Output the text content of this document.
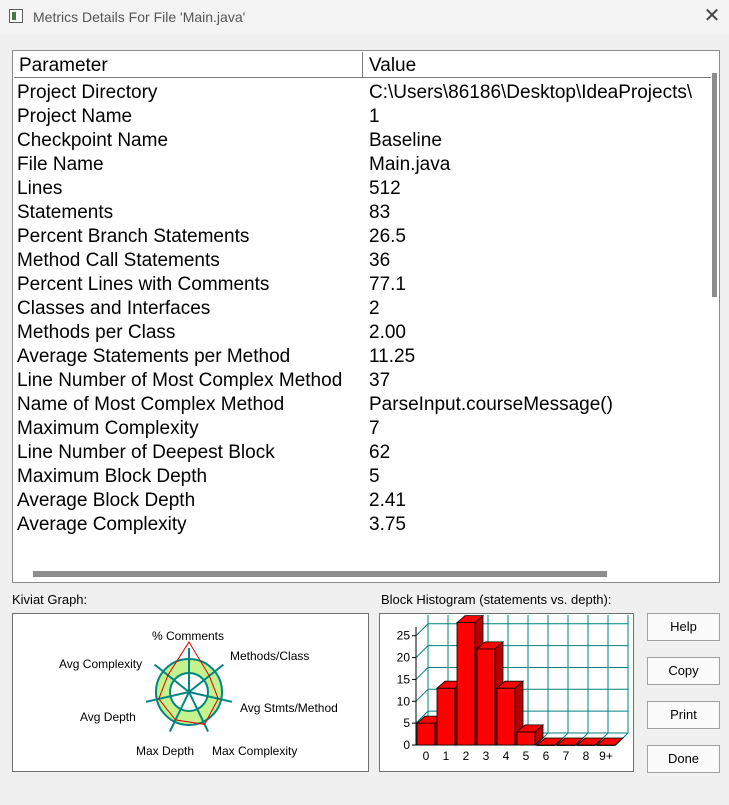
Metrics Details For File 'Main.java'	✕
Parameter	Value
Project Directory	C:\Users\86186\Desktop\IdeaProjects\
Project Name	1
Checkpoint Name	Baseline
File Name	Main.java
Lines	512
Statements	83
Percent Branch Statements	26.5
Method Call Statements	36
Percent Lines with Comments	77.1
Classes and Interfaces	2
Methods per Class	2.00
Average Statements per Method	11.25
Line Number of Most Complex Method 37
Name of Most Complex Method	ParseInput.courseMessage()
Maximum Complexity	7
Line Number of Deepest Block	62
Maximum Block Depth	5
Average Block Depth	2.41
Average Complexity	3.75
Kiviat Graph:	Block Histogram (statements vs. depth):
% Comments
Methods/Class
Avg Stmts/Method
Max Complexity
Max Depth
Avg Depth
Avg Complexity
0
5
10
15
20
25
0 1 2 3 4 5 6 7 8 9+
Help
Copy
Print
Done
